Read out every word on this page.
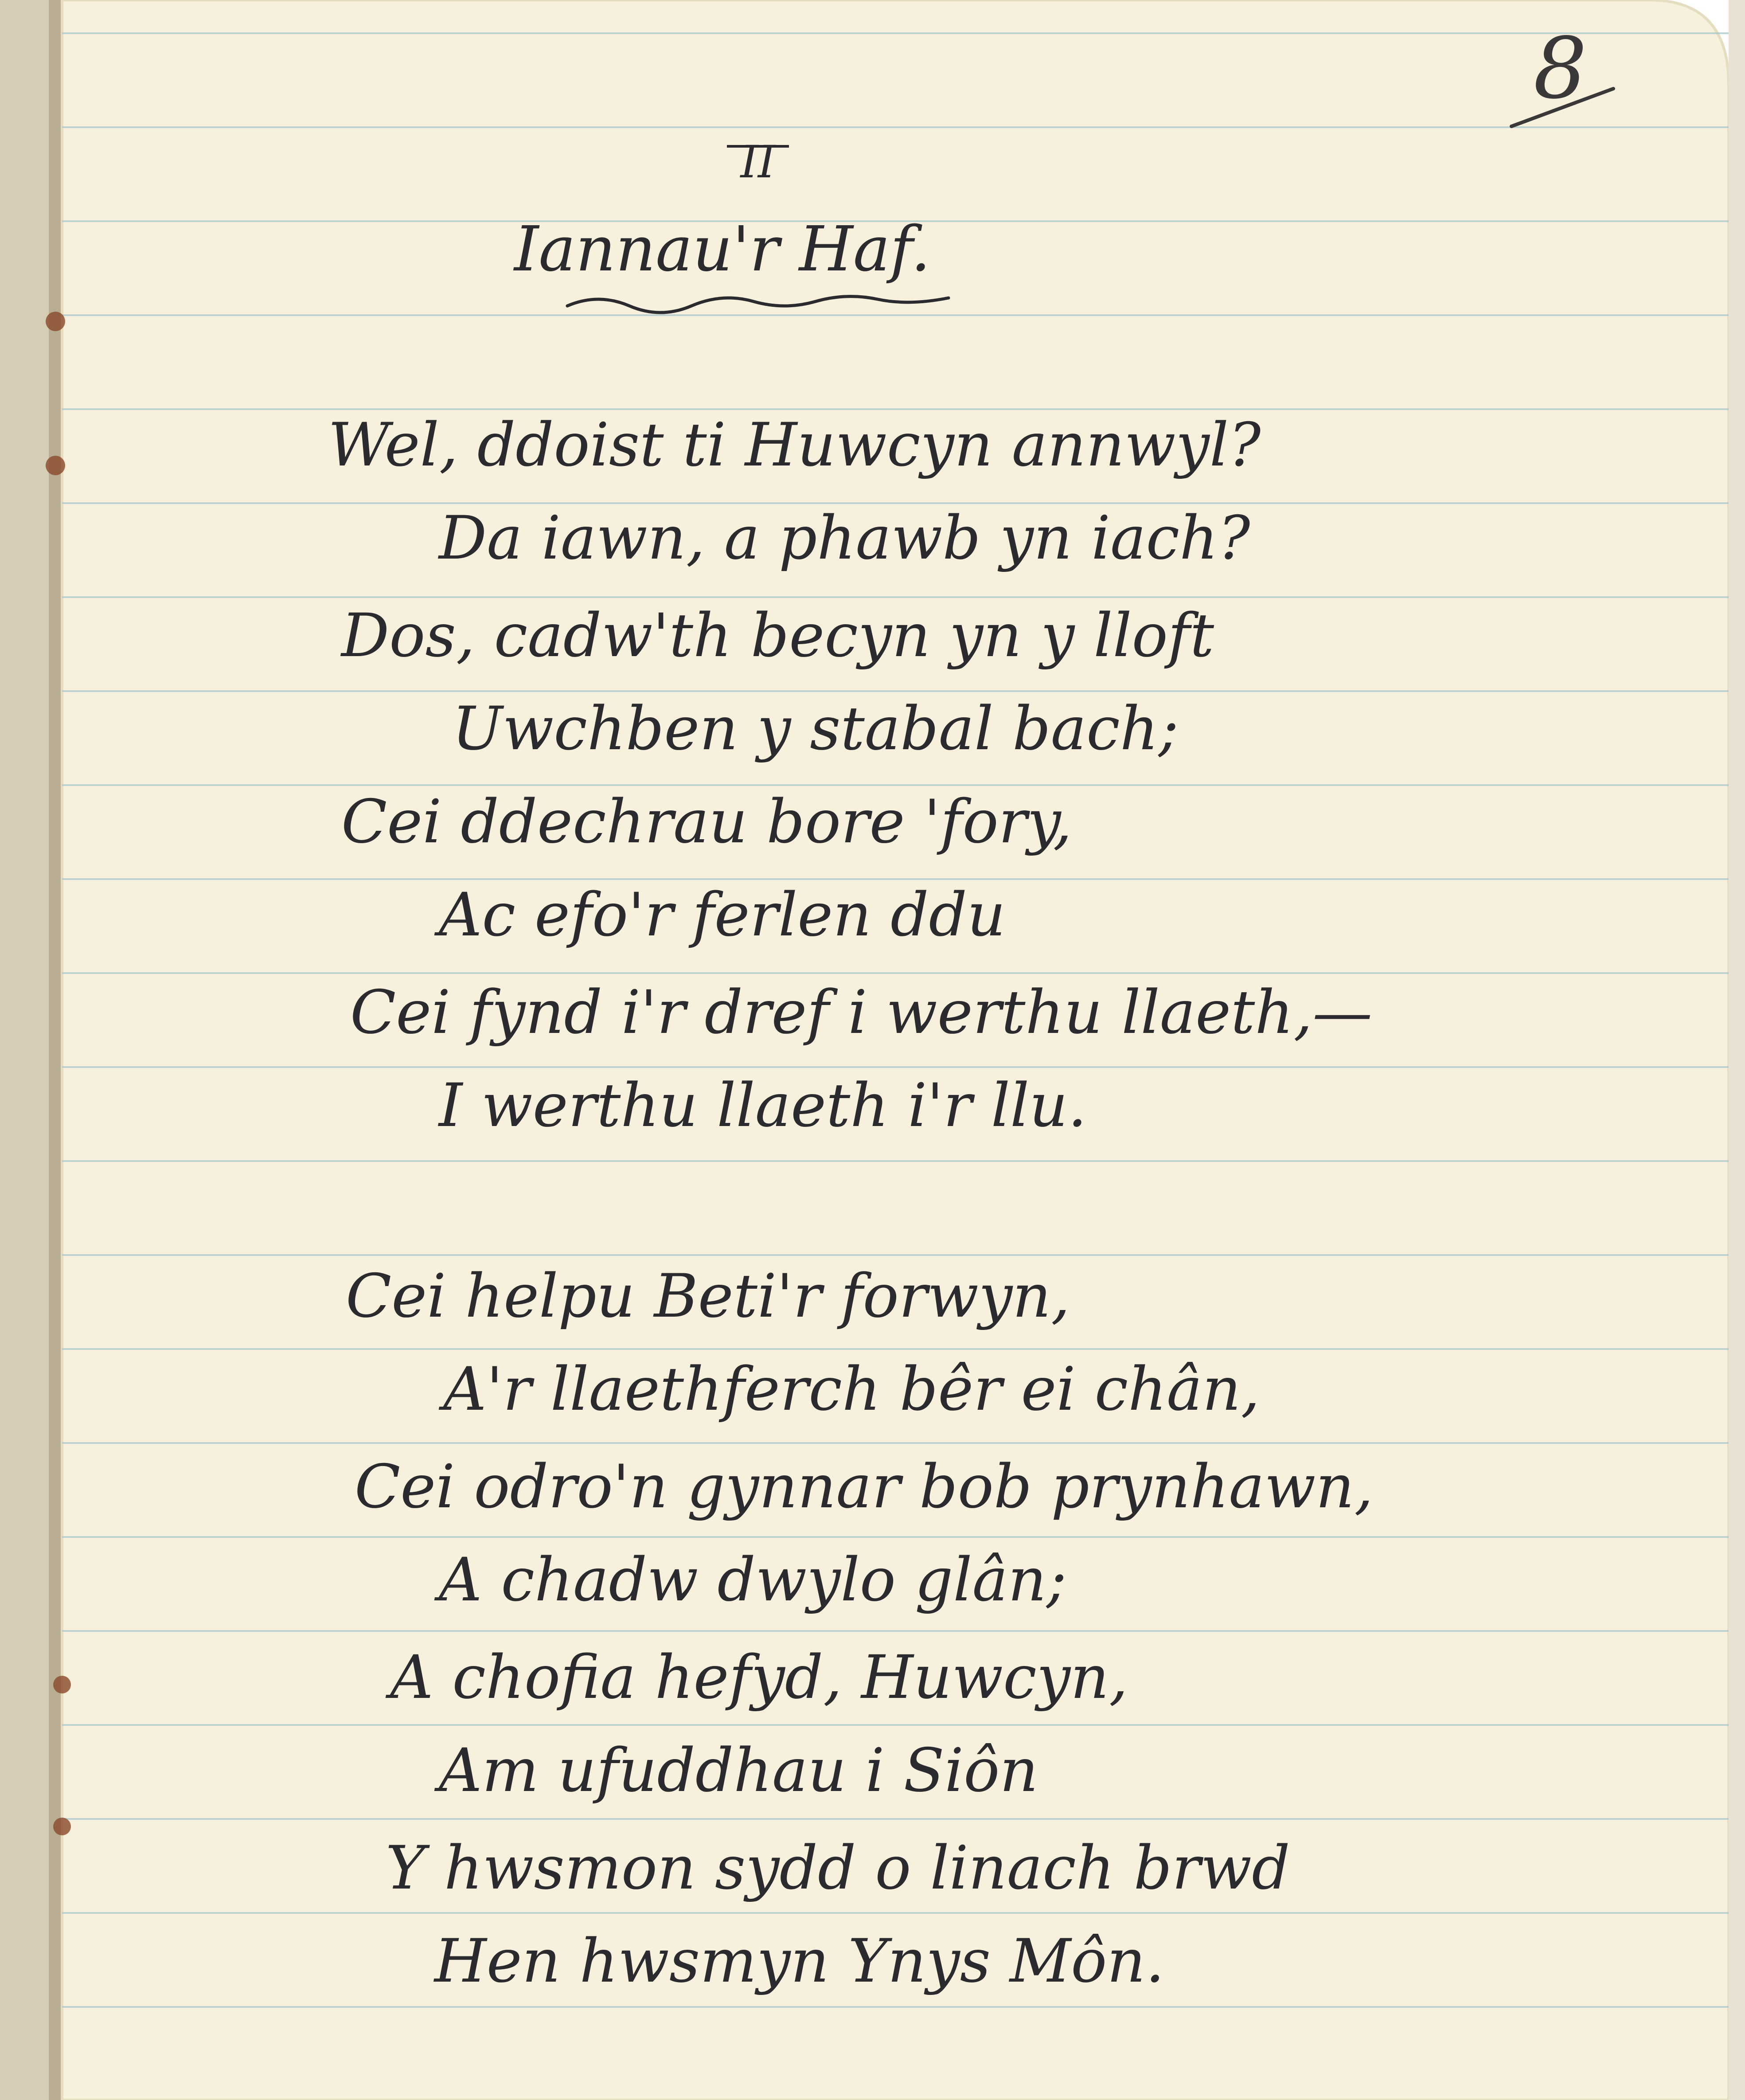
8
II
Iannau'r Haf.
Wel, ddoist ti Huwcyn annwyl?
Da iawn, a phawb yn iach?
Dos, cadw'th becyn yn y lloft
Uwchben y stabal bach;
Cei ddechrau bore 'fory,
Ac efo'r ferlen ddu
Cei fynd i'r dref i werthu llaeth,—
I werthu llaeth i'r llu.
Cei helpu Beti'r forwyn,
A'r llaethferch bêr ei chân,
Cei odro'n gynnar bob prynhawn,
A chadw dwylo glân;
A chofia hefyd, Huwcyn,
Am ufuddhau i Siôn
Y hwsmon sydd o linach brwd
Hen hwsmyn Ynys Môn.
